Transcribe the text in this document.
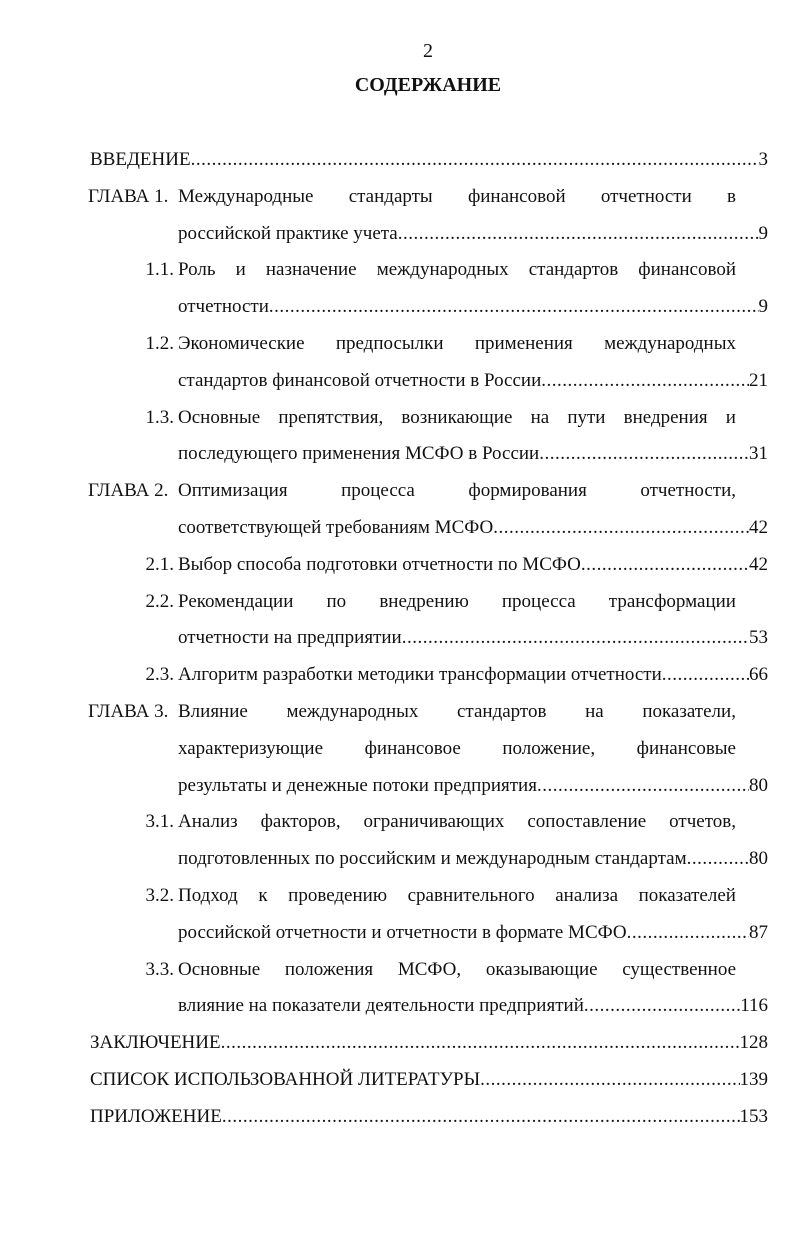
2
СОДЕРЖАНИЕ
ВВЕДЕНИЕ .....	3
ГЛАВА 1. Международные стандарты финансовой отчетности в
российской практике учета .....	9
1.1. Роль и назначение международных стандартов финансовой
отчетности .....	9
1.2. Экономические предпосылки применения международных
стандартов финансовой отчетности в России .....	21
1.3. Основные препятствия, возникающие на пути внедрения и
последующего применения МСФО в России .....	31
ГЛАВА 2. Оптимизация	процесса	формирования	отчетности,
соответствующей требованиям МСФО .....	42
2.1. Выбор способа подготовки отчетности по МСФО .....	42
2.2. Рекомендации по внедрению процесса трансформации
отчетности на предприятии .....	53
2.3. Алгоритм разработки методики трансформации отчетности .....	66
ГЛАВА 3. Влияние международных стандартов на показатели,
характеризующие финансовое положение, финансовые
результаты и денежные потоки предприятия .....	80
3.1. Анализ факторов, ограничивающих сопоставление отчетов,
подготовленных по российским и международным стандартам .....	80
3.2. Подход к проведению сравнительного анализа показателей
российской отчетности и отчетности в формате МСФО .....	87
3.3. Основные положения МСФО, оказывающие существенное
влияние на показатели деятельности предприятий .....	116
ЗАКЛЮЧЕНИЕ .....	128
СПИСОК ИСПОЛЬЗОВАННОЙ ЛИТЕРАТУРЫ .....	139
ПРИЛОЖЕНИЕ .....	153
